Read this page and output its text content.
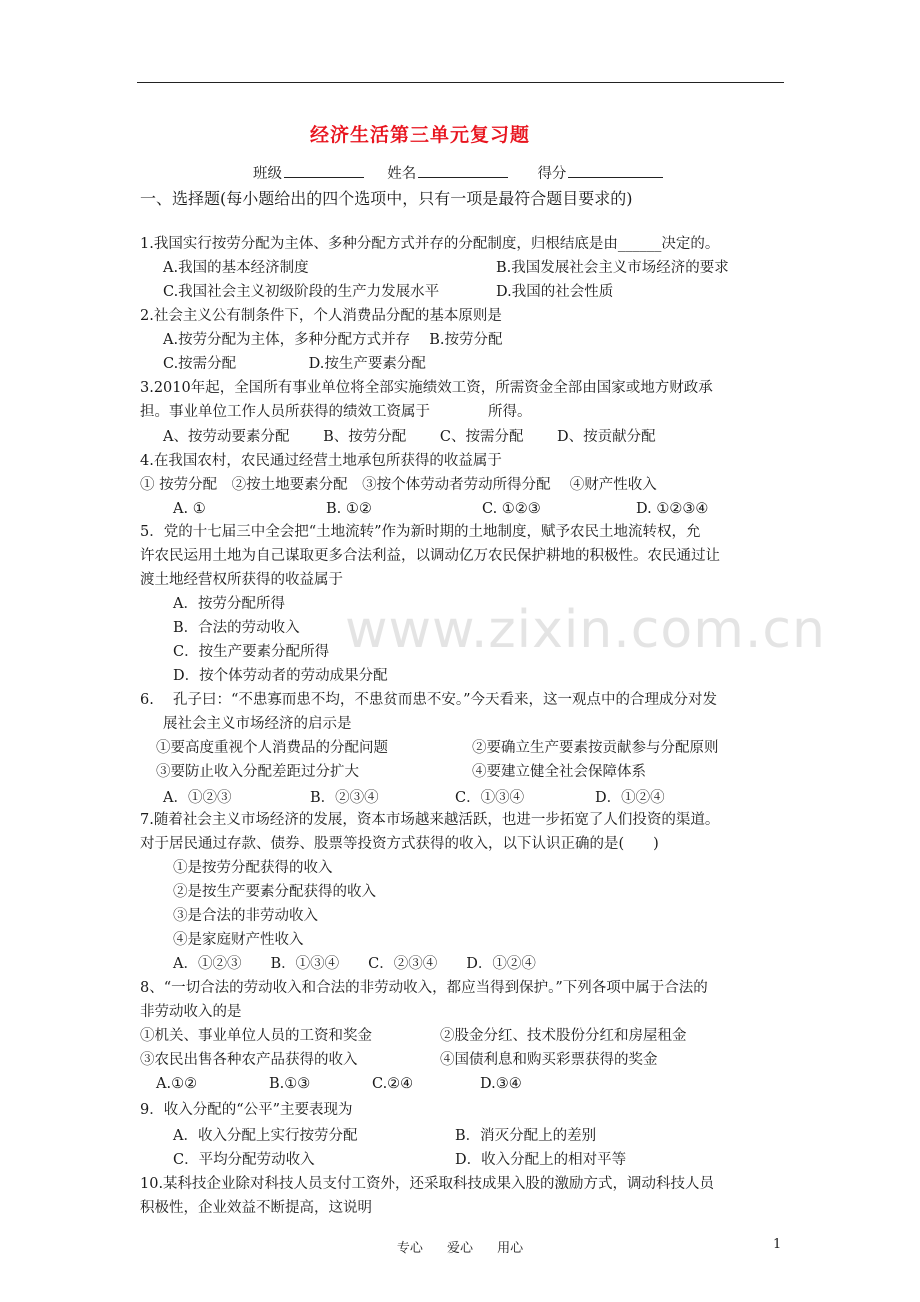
经济生活第三单元复习题
班级	姓名	得分
一、选择题(每小题给出的四个选项中，只有一项是最符合题目要求的)
www.zixin.com.cn
1.我国实行按劳分配为主体、多种分配方式并存的分配制度，归根结底是由______决定的。
A.我国的基本经济制度	B.我国发展社会主义市场经济的要求
C.我国社会主义初级阶段的生产力发展水平	D.我国的社会性质
2.社会主义公有制条件下，个人消费品分配的基本原则是
A.按劳分配为主体，多种分配方式并存　 B.按劳分配
C.按需分配　　　　　D.按生产要素分配
3.2010年起，全国所有事业单位将全部实施绩效工资，所需资金全部由国家或地方财政承
担。事业单位工作人员所获得的绩效工资属于　　　　所得。
A、按劳动要素分配　　 B、按劳分配　　 C、按需分配　　 D、按贡献分配
4.在我国农村，农民通过经营土地承包所获得的收益属于
① 按劳分配　②按土地要素分配　③按个体劳动者劳动所得分配　 ④财产性收入
A. ①	B. ①②	C. ①②③	D. ①②③④
5．党的十七届三中全会把“土地流转”作为新时期的土地制度，赋予农民土地流转权，允
许农民运用土地为自己谋取更多合法利益，以调动亿万农民保护耕地的积极性。农民通过让
渡土地经营权所获得的收益属于
A．按劳分配所得
B．合法的劳动收入
C．按生产要素分配所得
D．按个体劳动者的劳动成果分配
6.　 孔子曰：“不患寡而患不均，不患贫而患不安。”今天看来，这一观点中的合理成分对发
展社会主义市场经济的启示是
①要高度重视个人消费品的分配问题	②要确立生产要素按贡献参与分配原则
③要防止收入分配差距过分扩大	④要建立健全社会保障体系
A．①②③	B．②③④	C．①③④	D．①②④
7.随着社会主义市场经济的发展，资本市场越来越活跃，也进一步拓宽了人们投资的渠道。
对于居民通过存款、债券、股票等投资方式获得的收入，以下认识正确的是(　　)
①是按劳分配获得的收入
②是按生产要素分配获得的收入
③是合法的非劳动收入
④是家庭财产性收入
A．①②③　　B．①③④　　C．②③④　　D．①②④
8、“一切合法的劳动收入和合法的非劳动收入，都应当得到保护。”下列各项中属于合法的
非劳动收入的是
①机关、事业单位人员的工资和奖金	②股金分红、技术股份分红和房屋租金
③农民出售各种农产品获得的收入	④国债利息和购买彩票获得的奖金
A.①②	B.①③	C.②④	D.③④
9．收入分配的“公平”主要表现为
A．收入分配上实行按劳分配	B．消灭分配上的差别
C．平均分配劳动收入	D．收入分配上的相对平等
10.某科技企业除对科技人员支付工资外，还采取科技成果入股的激励方式，调动科技人员
积极性，企业效益不断提高，这说明
专心 爱心 用心	1
